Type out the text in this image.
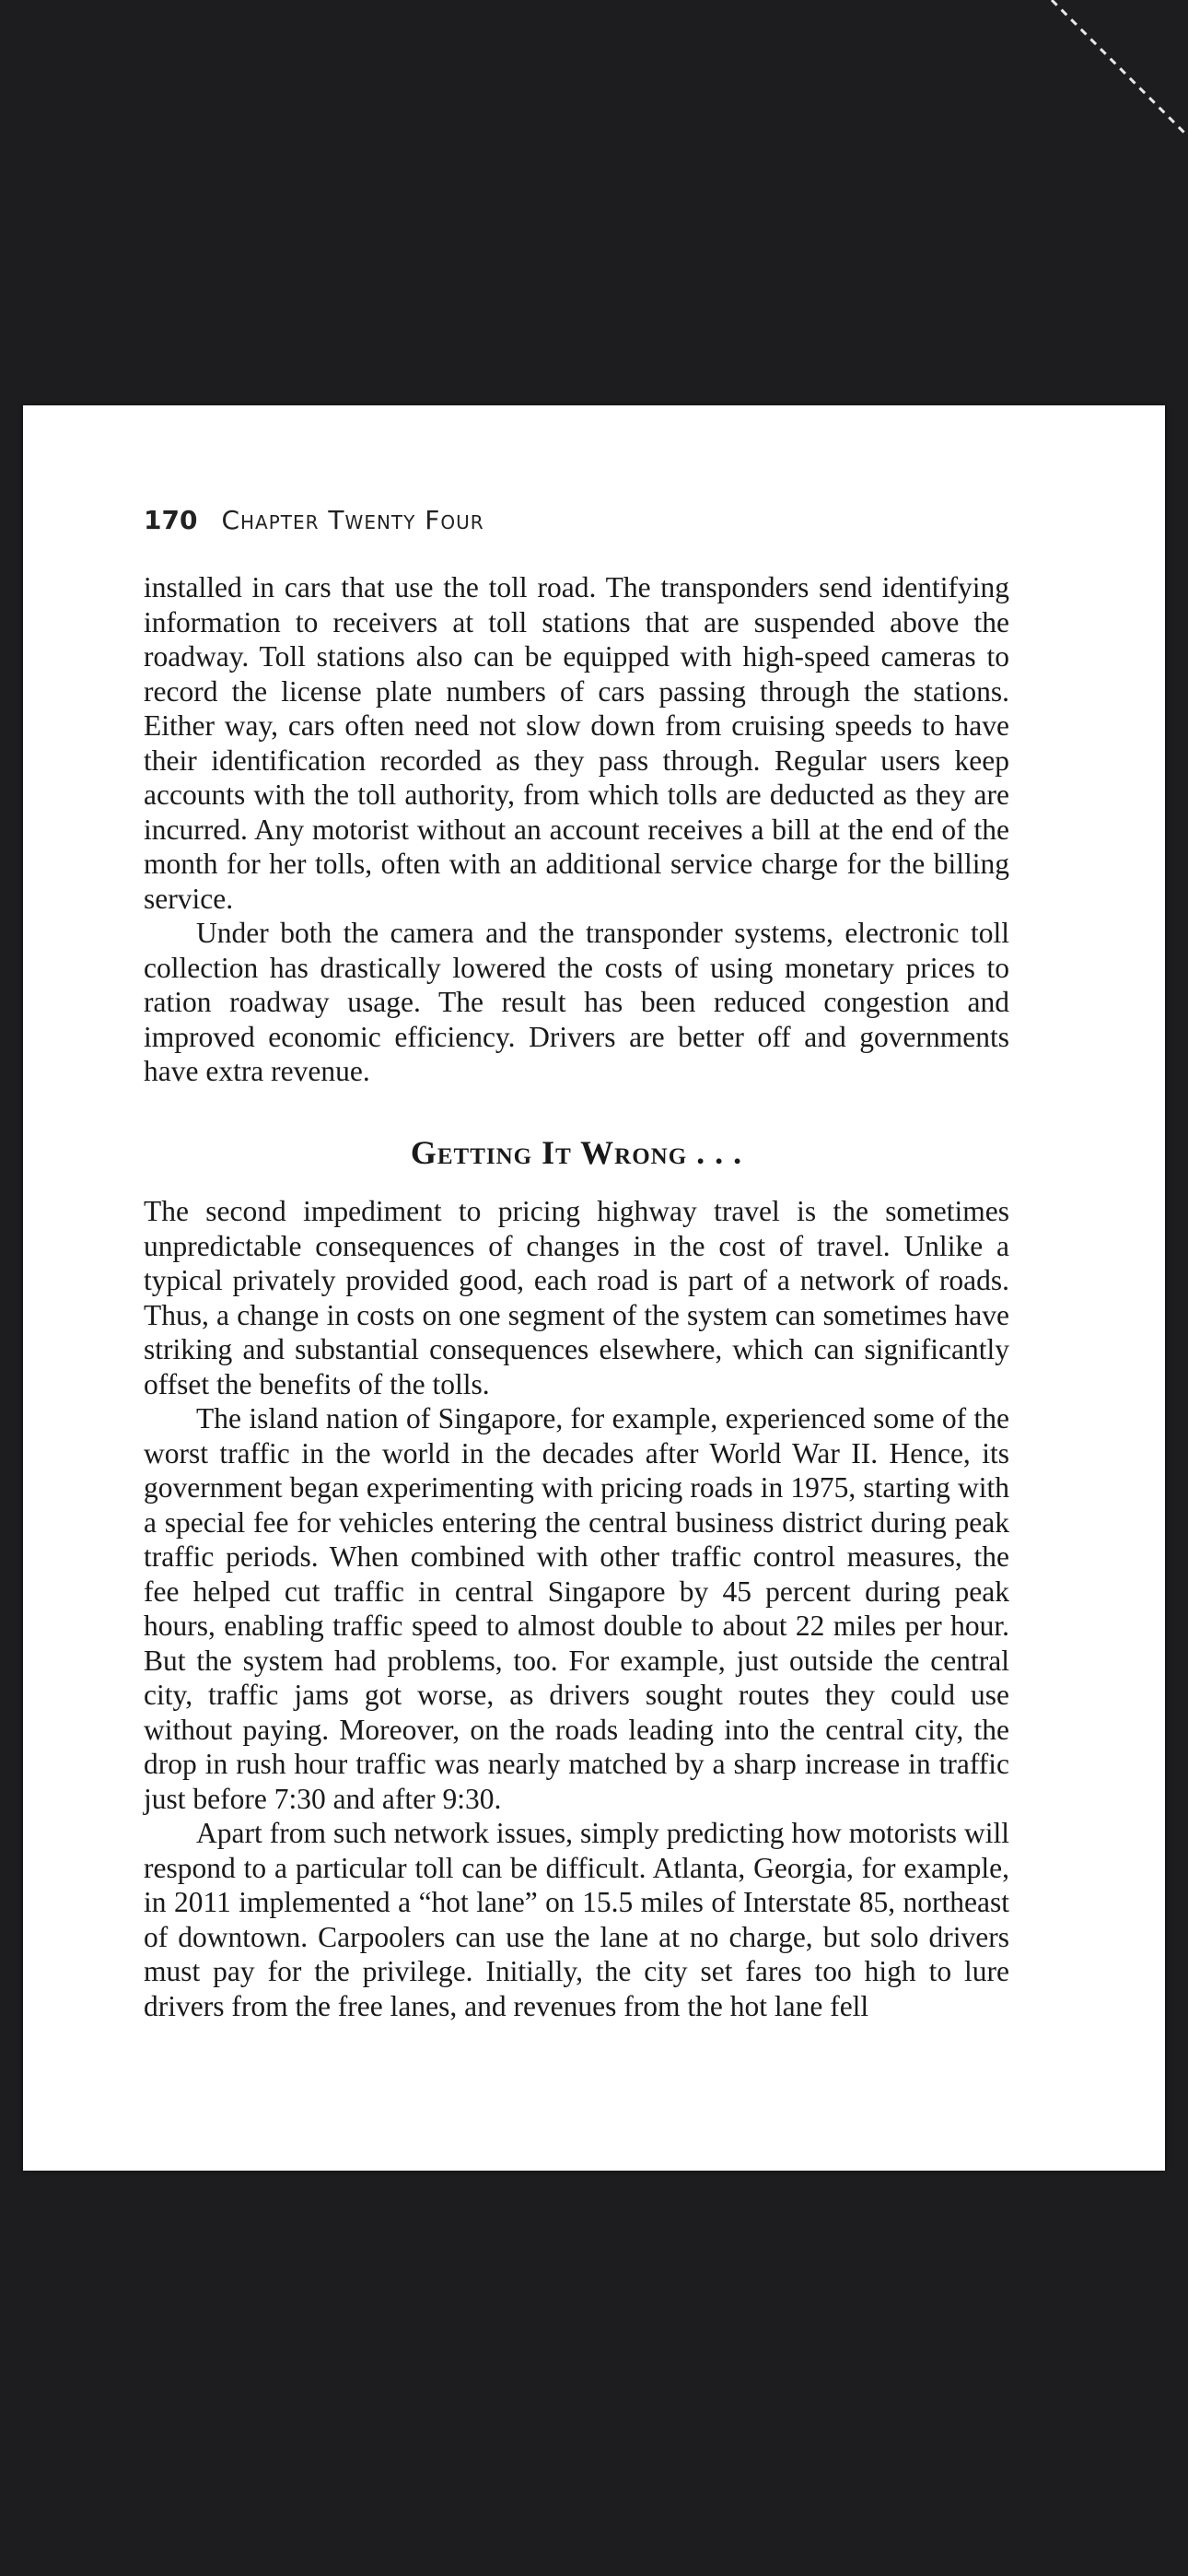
170 Chapter Twenty Four

installed in cars that use the toll road. The transponders send identifying information to receivers at toll stations that are suspended above the roadway. Toll stations also can be equipped with high-speed cameras to record the license plate numbers of cars passing through the stations. Either way, cars often need not slow down from cruising speeds to have their identification recorded as they pass through. Regular users keep accounts with the toll authority, from which tolls are deducted as they are incurred. Any motorist without an account receives a bill at the end of the month for her tolls, often with an additional service charge for the billing service.

Under both the camera and the transponder systems, electronic toll collection has drastically lowered the costs of using monetary prices to ration roadway usage. The result has been reduced congestion and improved economic efficiency. Drivers are better off and governments have extra revenue.

Getting It Wrong . . .

The second impediment to pricing highway travel is the sometimes unpredictable consequences of changes in the cost of travel. Unlike a typical privately provided good, each road is part of a network of roads. Thus, a change in costs on one segment of the system can sometimes have striking and substantial consequences elsewhere, which can significantly offset the benefits of the tolls.

The island nation of Singapore, for example, experienced some of the worst traffic in the world in the decades after World War II. Hence, its government began experimenting with pricing roads in 1975, starting with a special fee for vehicles entering the central business district during peak traffic periods. When combined with other traffic control measures, the fee helped cut traffic in central Singapore by 45 percent during peak hours, enabling traffic speed to almost double to about 22 miles per hour. But the system had problems, too. For example, just outside the central city, traffic jams got worse, as drivers sought routes they could use without paying. Moreover, on the roads leading into the central city, the drop in rush hour traffic was nearly matched by a sharp increase in traffic just before 7:30 and after 9:30.

Apart from such network issues, simply predicting how motorists will respond to a particular toll can be difficult. Atlanta, Georgia, for example, in 2011 implemented a “hot lane” on 15.5 miles of Interstate 85, northeast of downtown. Carpoolers can use the lane at no charge, but solo drivers must pay for the privilege. Initially, the city set fares too high to lure drivers from the free lanes, and revenues from the hot lane fell
